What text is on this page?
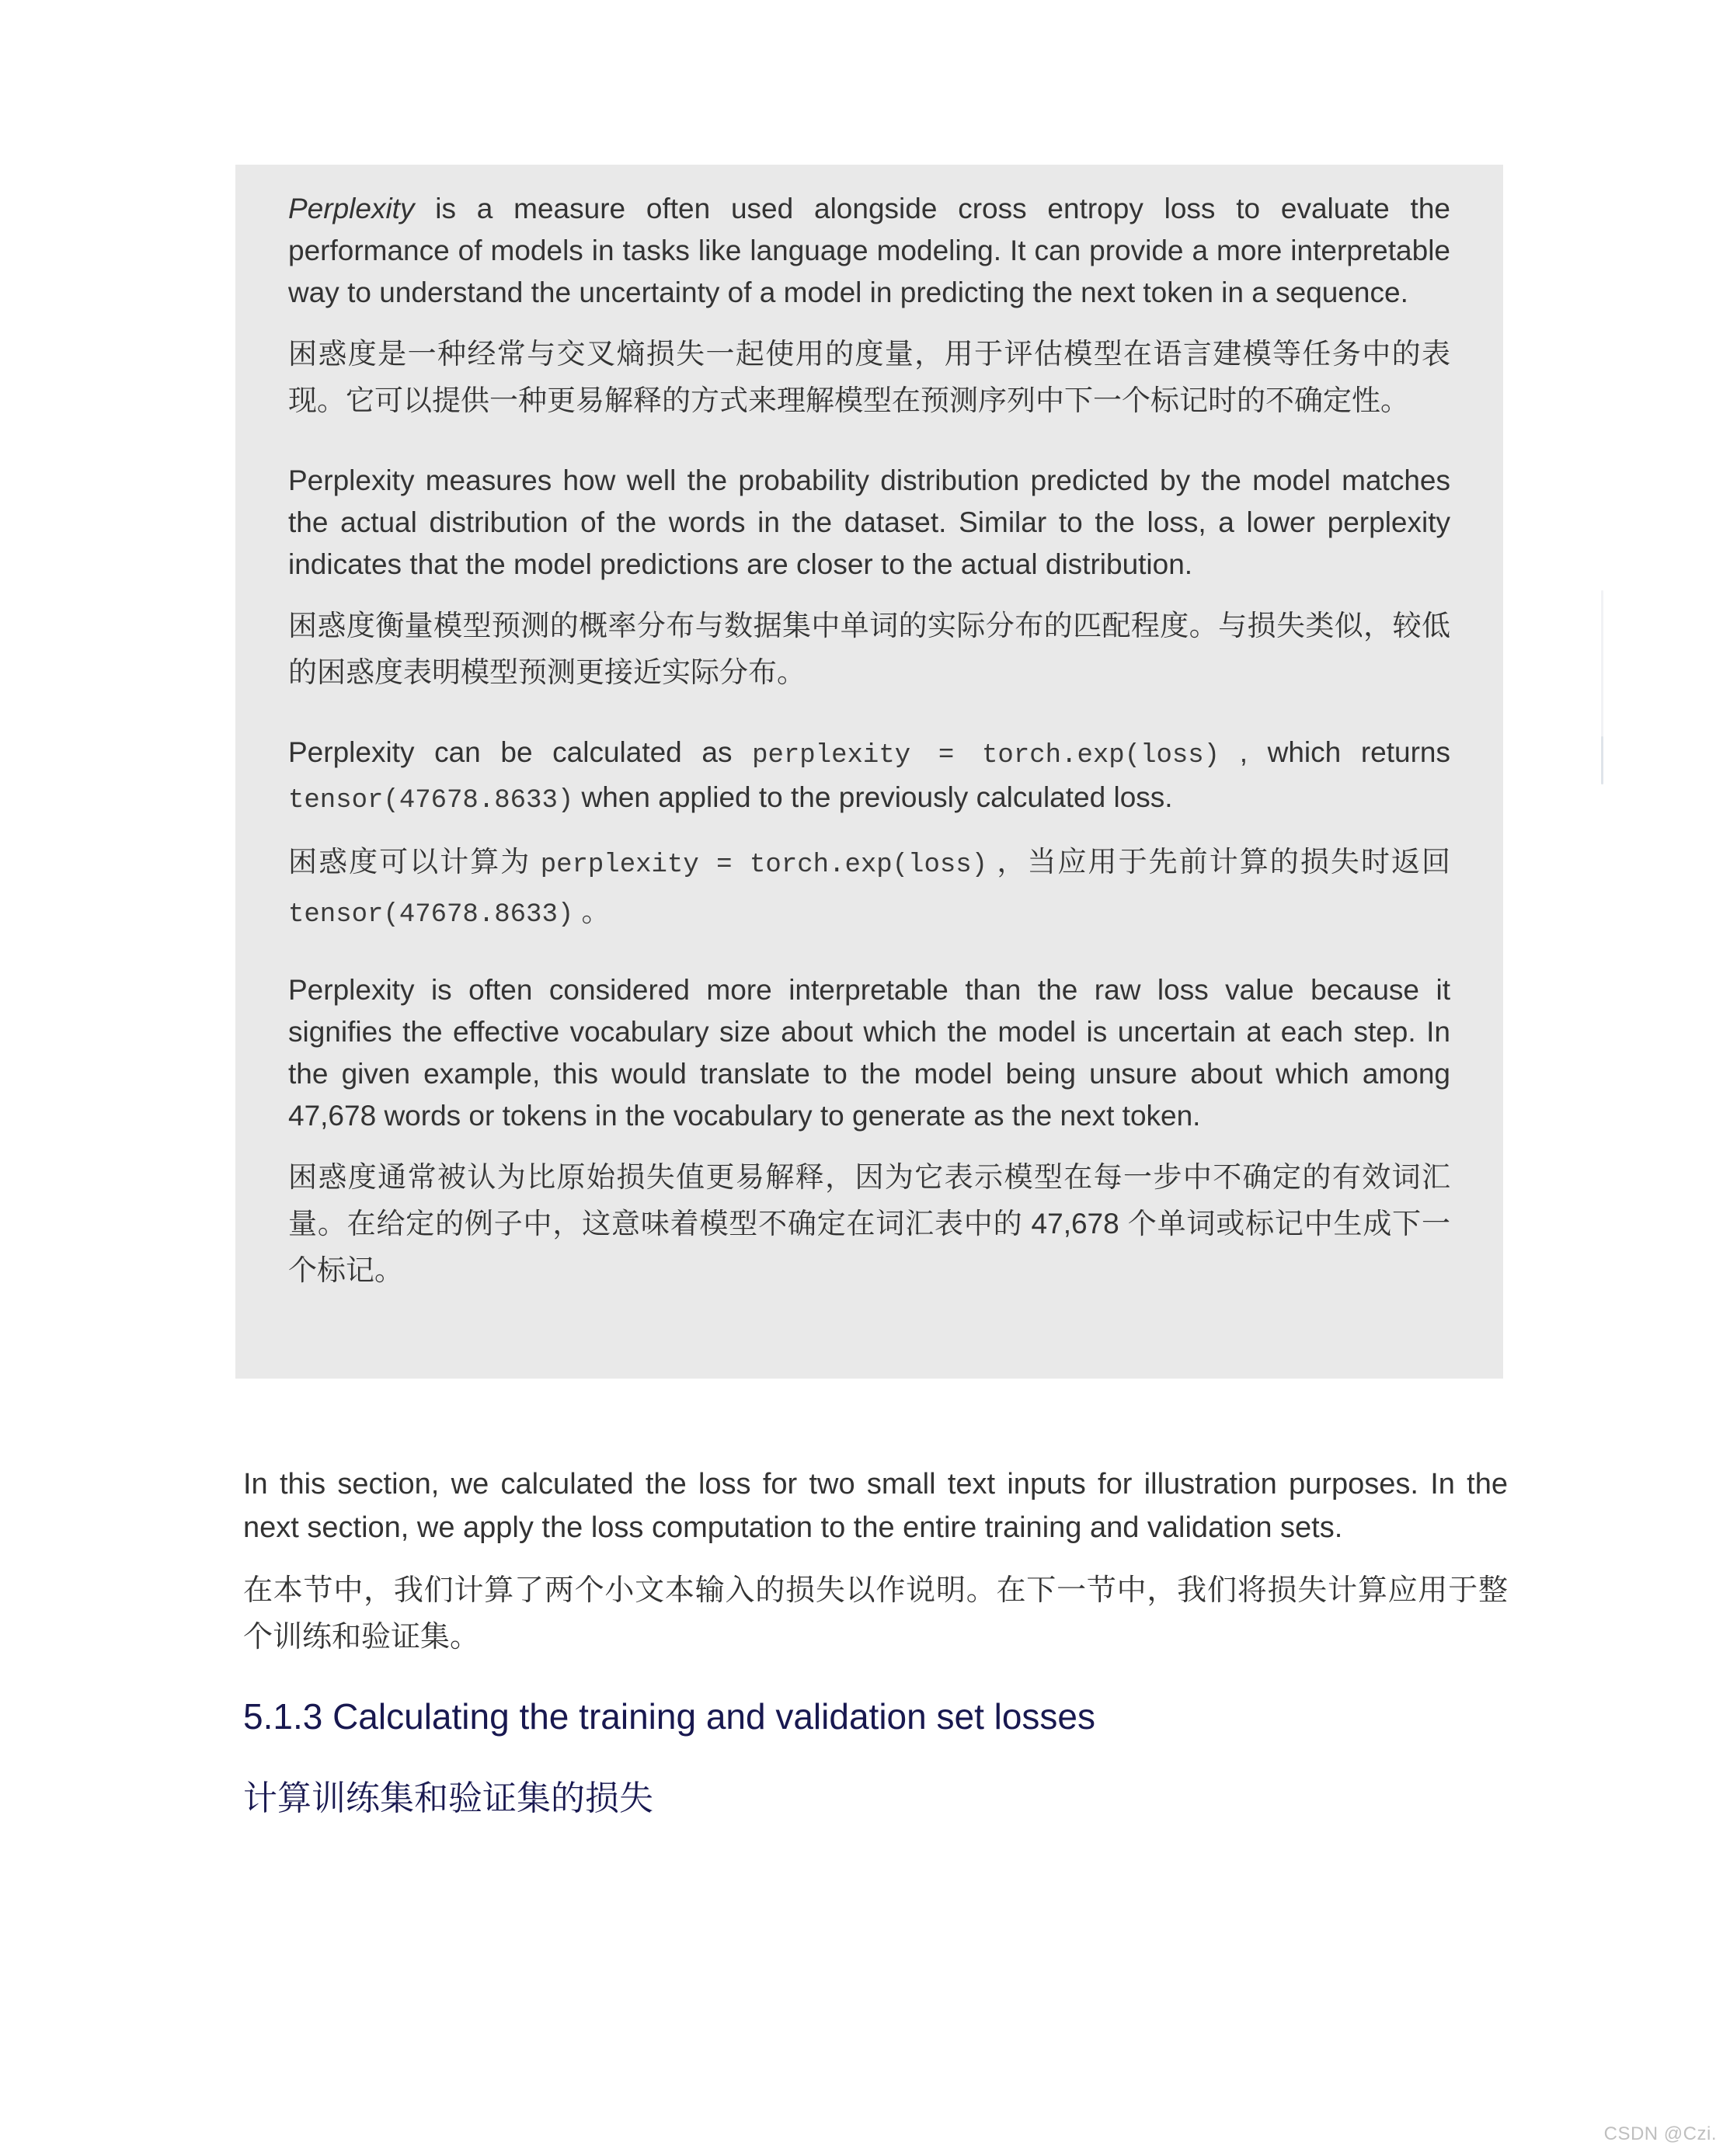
Perplexity is a measure often used alongside cross entropy loss to evaluate the performance of models in tasks like language modeling. It can provide a more interpretable way to understand the uncertainty of a model in predicting the next token in a sequence.

困惑度是一种经常与交叉熵损失一起使用的度量，用于评估模型在语言建模等任务中的表现。它可以提供一种更易解释的方式来理解模型在预测序列中下一个标记时的不确定性。

Perplexity measures how well the probability distribution predicted by the model matches the actual distribution of the words in the dataset. Similar to the loss, a lower perplexity indicates that the model predictions are closer to the actual distribution.

困惑度衡量模型预测的概率分布与数据集中单词的实际分布的匹配程度。与损失类似，较低的困惑度表明模型预测更接近实际分布。

Perplexity can be calculated as perplexity = torch.exp(loss) , which returns tensor(47678.8633) when applied to the previously calculated loss.

困惑度可以计算为 perplexity = torch.exp(loss) ，当应用于先前计算的损失时返回 tensor(47678.8633) 。

Perplexity is often considered more interpretable than the raw loss value because it signifies the effective vocabulary size about which the model is uncertain at each step. In the given example, this would translate to the model being unsure about which among 47,678 words or tokens in the vocabulary to generate as the next token.

困惑度通常被认为比原始损失值更易解释，因为它表示模型在每一步中不确定的有效词汇量。在给定的例子中，这意味着模型不确定在词汇表中的 47,678 个单词或标记中生成下一个标记。

In this section, we calculated the loss for two small text inputs for illustration purposes. In the next section, we apply the loss computation to the entire training and validation sets.

在本节中，我们计算了两个小文本输入的损失以作说明。在下一节中，我们将损失计算应用于整个训练和验证集。

5.1.3 Calculating the training and validation set losses
计算训练集和验证集的损失
CSDN @Czi.
